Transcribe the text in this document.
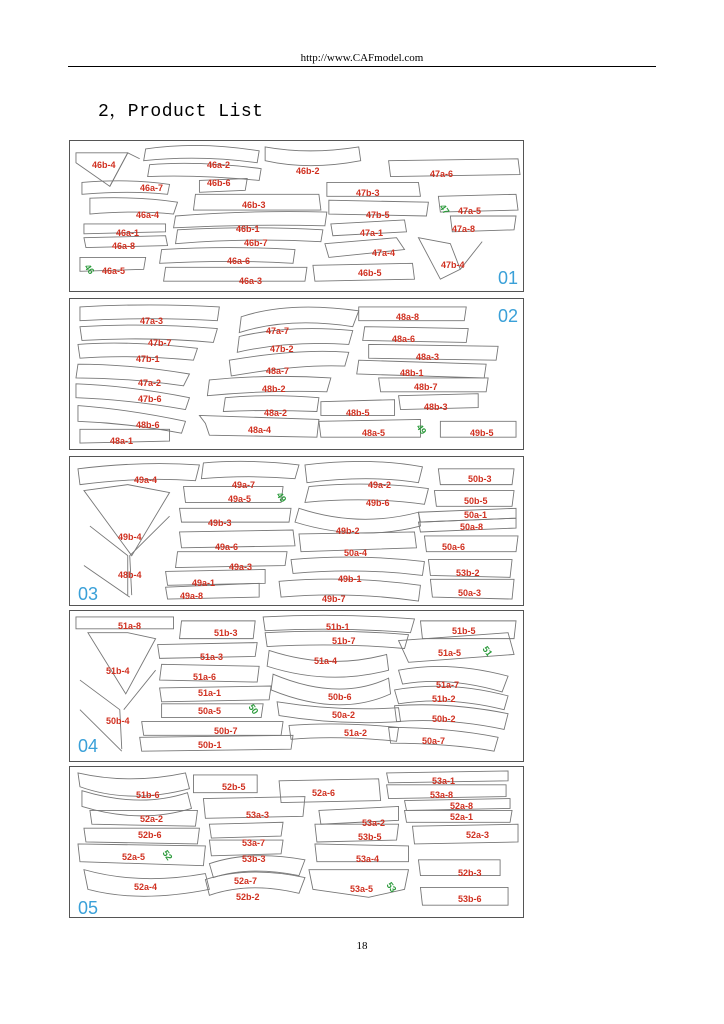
http://www.CAFmodel.com
2，Product List
46b-4	46a-2
46b-6
46b-2	47a-6
46a-7	47b-3
46b-3
47a-5
46a-4	47b-5
46b-1	47a-8
46a-1	47a-1
46b-7
46a-8
47a-4
46a-6	47b-4
46a-5	46b-5
46a-3
47
46	01
48a-8
47a-3
47a-7
48a-6
47b-7
47b-2
48a-3
47b-1
48b-1
48a-7
47a-2	48b-7
48b-2
47b-6
48b-3
48a-2	48b-5
48b-6	48a-4	48a-5	49b-5
48a-1
49
02
49a-4	49a-7	49a-2
50b-3
49a-5	49b-6	50b-5
50a-1
49b-3	50a-8
49b-4
49b-2
49a-6	50a-6
50a-4
49a-3
53b-2
48b-4	49b-1
49a-1
50a-3
49a-8	49b-7
49
03
51a-8	51b-1	51b-5
51b-3
51b-7
51a-3	51a-5
51a-4
51b-4
51a-6
51a-7
51a-1	50b-6	51b-2
50a-5	50a-2	50b-2
50b-4
50a-7
51a-2
50b-7
50b-1
51
50
04
53a-1
52b-5
52a-6	53a-8
51b-6
52a-8
52a-1
53a-3
52a-2	53a-2
52a-3
52b-6	53b-5
53a-7
52a-5	53b-3	53a-4
52b-3
52a-7
52a-4	53a-5
52b-2	53b-6
52
53
05
18
